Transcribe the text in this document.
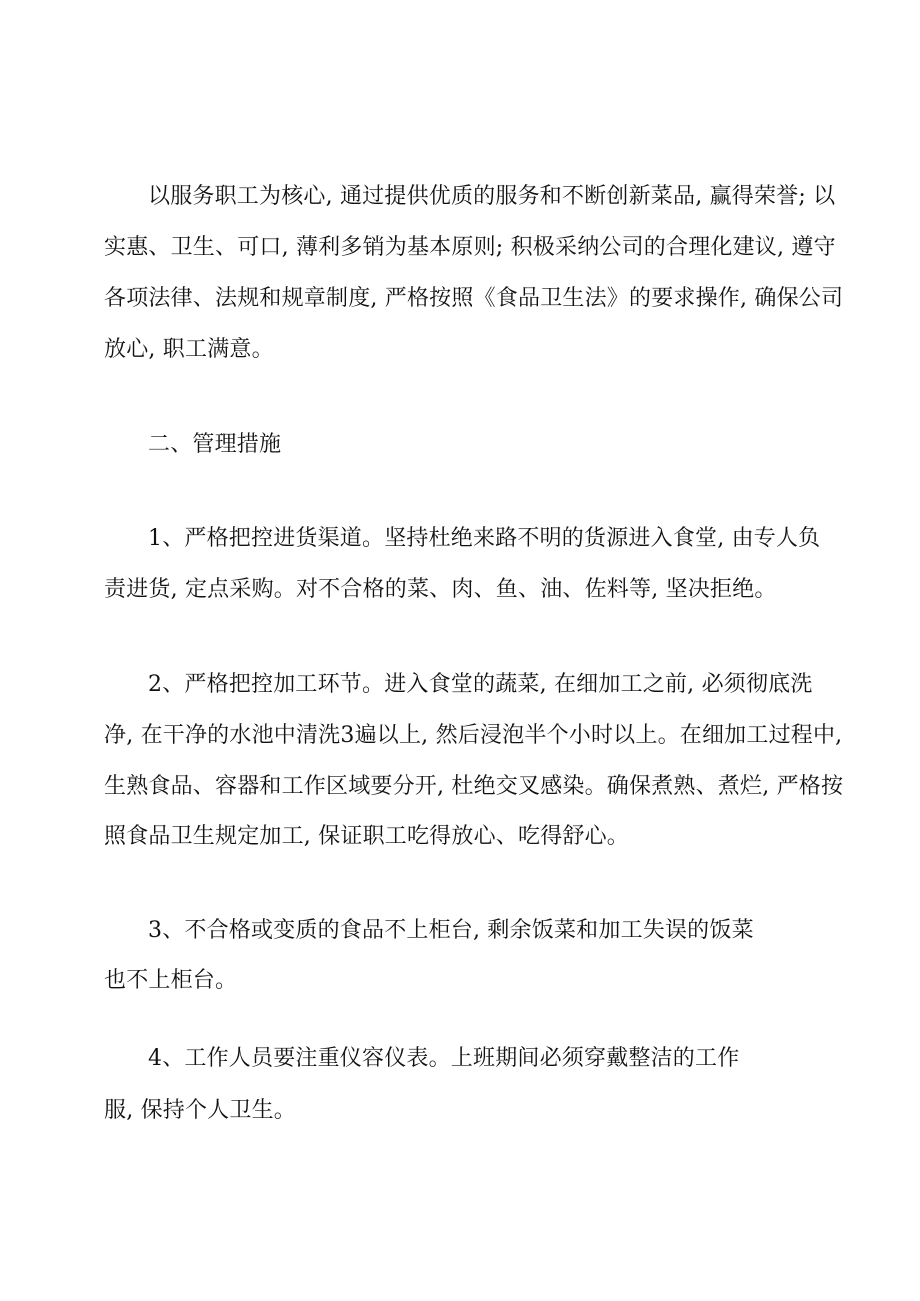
以服务职工为核心, 通过提供优质的服务和不断创新菜品, 赢得荣誉; 以
实惠、卫生、可口, 薄利多销为基本原则; 积极采纳公司的合理化建议, 遵守
各项法律、法规和规章制度, 严格按照《食品卫生法》的要求操作, 确保公司
放心, 职工满意。
二、管理措施
1、严格把控进货渠道。坚持杜绝来路不明的货源进入食堂, 由专人负
责进货, 定点采购。对不合格的菜、肉、鱼、油、佐料等, 坚决拒绝。
2、严格把控加工环节。进入食堂的蔬菜, 在细加工之前, 必须彻底洗
净, 在干净的水池中清洗3遍以上, 然后浸泡半个小时以上。在细加工过程中,
生熟食品、容器和工作区域要分开, 杜绝交叉感染。确保煮熟、煮烂, 严格按
照食品卫生规定加工, 保证职工吃得放心、吃得舒心。
3、不合格或变质的食品不上柜台, 剩余饭菜和加工失误的饭菜
也不上柜台。
4、工作人员要注重仪容仪表。上班期间必须穿戴整洁的工作
服, 保持个人卫生。
